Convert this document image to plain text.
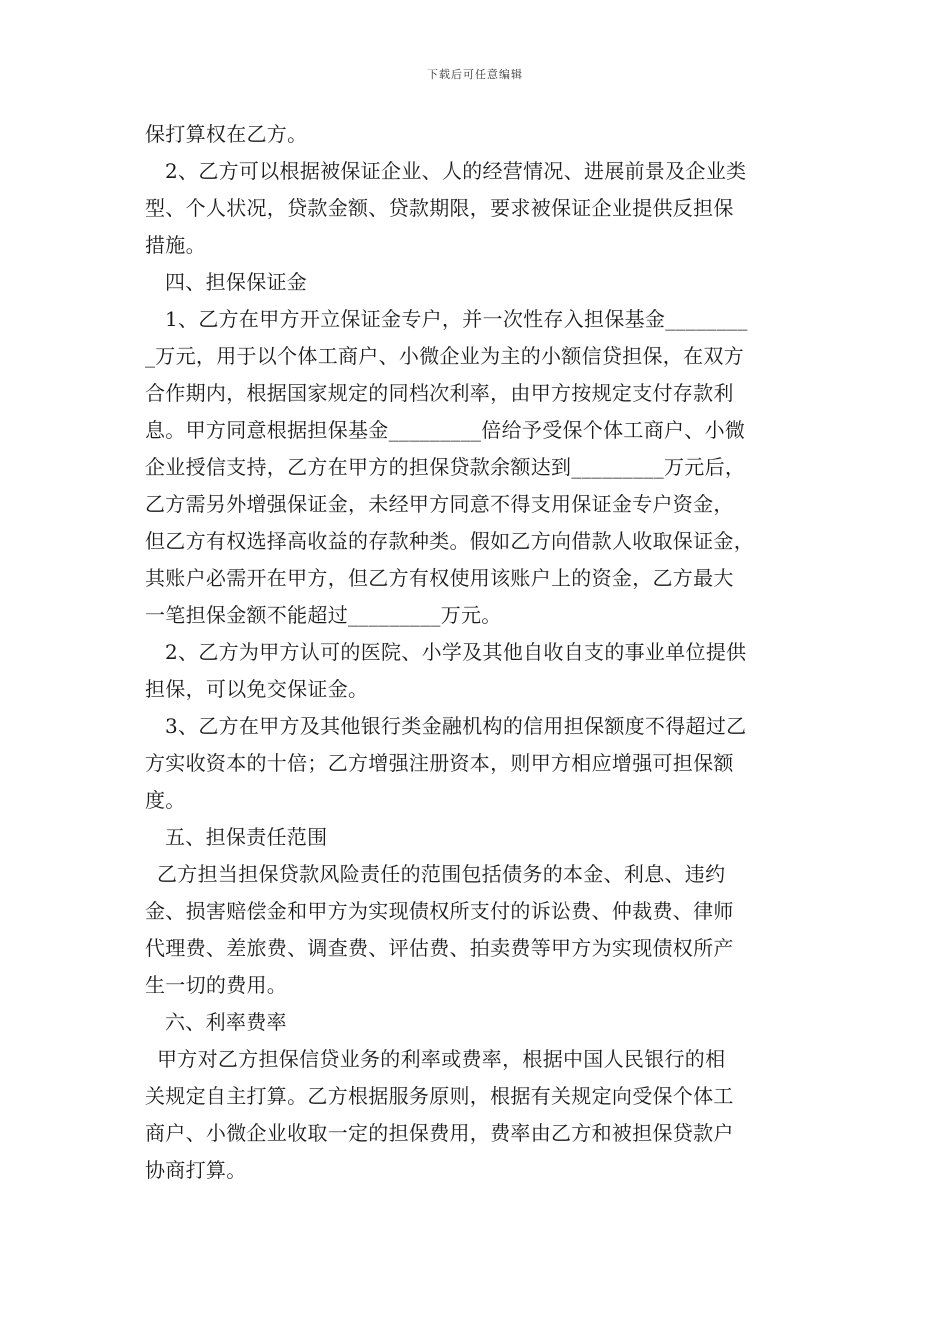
下载后可任意编辑
保打算权在乙方。
2、乙方可以根据被保证企业、人的经营情况、进展前景及企业类
型、个人状况，贷款金额、贷款期限，要求被保证企业提供反担保
措施。
四、担保保证金
1、乙方在甲方开立保证金专户，并一次性存入担保基金________
_万元，用于以个体工商户、小微企业为主的小额信贷担保，在双方
合作期内，根据国家规定的同档次利率，由甲方按规定支付存款利
息。甲方同意根据担保基金_________倍给予受保个体工商户、小微
企业授信支持，乙方在甲方的担保贷款余额达到_________万元后，
乙方需另外增强保证金，未经甲方同意不得支用保证金专户资金，
但乙方有权选择高收益的存款种类。假如乙方向借款人收取保证金，
其账户必需开在甲方，但乙方有权使用该账户上的资金，乙方最大
一笔担保金额不能超过_________万元。
2、乙方为甲方认可的医院、小学及其他自收自支的事业单位提供
担保，可以免交保证金。
3、乙方在甲方及其他银行类金融机构的信用担保额度不得超过乙
方实收资本的十倍；乙方增强注册资本，则甲方相应增强可担保额
度。
五、担保责任范围
乙方担当担保贷款风险责任的范围包括债务的本金、利息、违约
金、损害赔偿金和甲方为实现债权所支付的诉讼费、仲裁费、律师
代理费、差旅费、调查费、评估费、拍卖费等甲方为实现债权所产
生一切的费用。
六、利率费率
甲方对乙方担保信贷业务的利率或费率，根据中国人民银行的相
关规定自主打算。乙方根据服务原则，根据有关规定向受保个体工
商户、小微企业收取一定的担保费用，费率由乙方和被担保贷款户
协商打算。
